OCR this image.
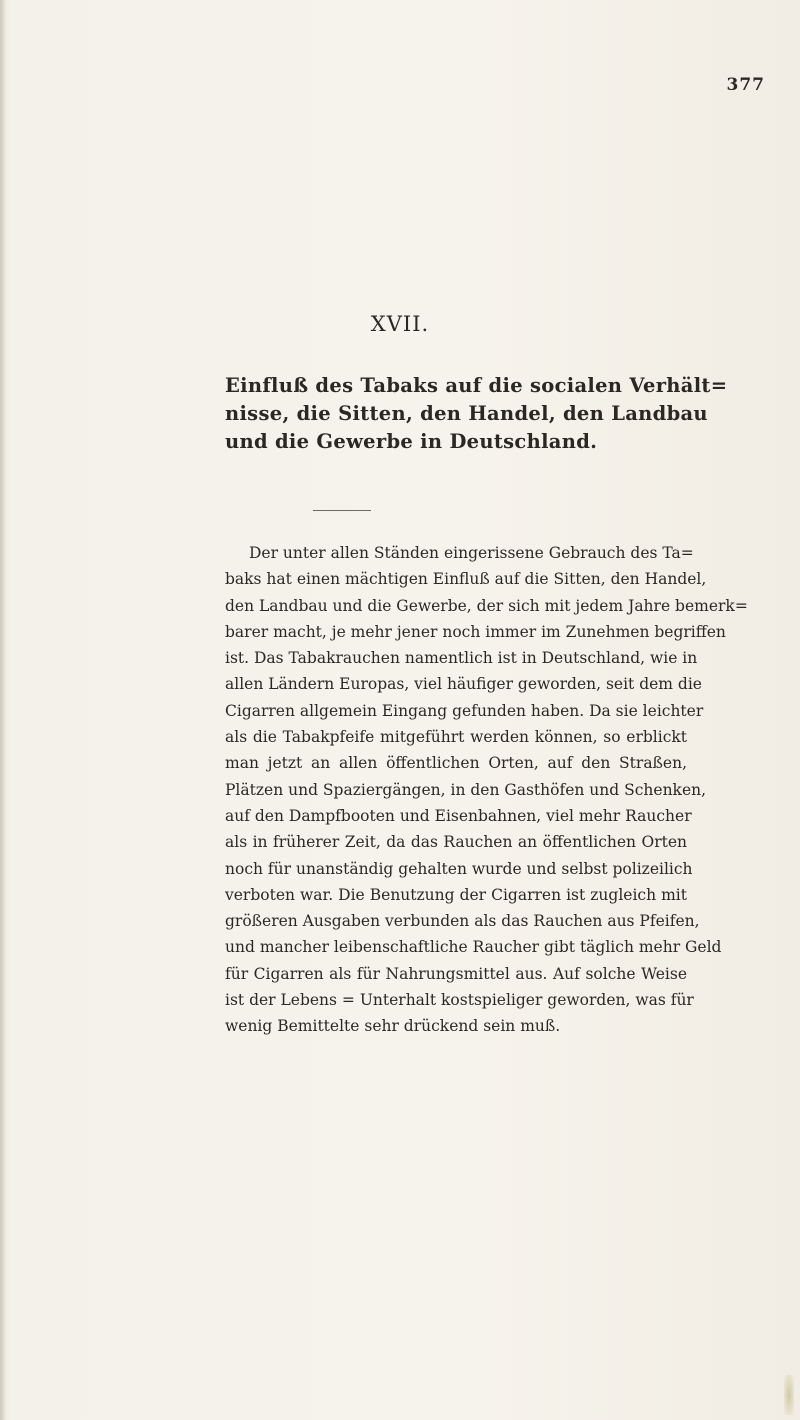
377
XVII.
Einfluß des Tabaks auf die socialen Verhält=
nisse, die Sitten, den Handel, den Landbau
und die Gewerbe in Deutschland.
Der unter allen Ständen eingerissene Gebrauch des Ta=
baks hat einen mächtigen Einfluß auf die Sitten, den Handel,
den Landbau und die Gewerbe, der sich mit jedem Jahre bemerk=
barer macht, je mehr jener noch immer im Zunehmen begriffen
ist. Das Tabakrauchen namentlich ist in Deutschland, wie in
allen Ländern Europas, viel häufiger geworden, seit dem die
Cigarren allgemein Eingang gefunden haben. Da sie leichter
als die Tabakpfeife mitgeführt werden können, so erblickt
man jetzt an allen öffentlichen Orten, auf den Straßen,
Plätzen und Spaziergängen, in den Gasthöfen und Schenken,
auf den Dampfbooten und Eisenbahnen, viel mehr Raucher
als in früherer Zeit, da das Rauchen an öffentlichen Orten
noch für unanständig gehalten wurde und selbst polizeilich
verboten war. Die Benutzung der Cigarren ist zugleich mit
größeren Ausgaben verbunden als das Rauchen aus Pfeifen,
und mancher leibenschaftliche Raucher gibt täglich mehr Geld
für Cigarren als für Nahrungsmittel aus. Auf solche Weise
ist der Lebens = Unterhalt kostspieliger geworden, was für
wenig Bemittelte sehr drückend sein muß.
